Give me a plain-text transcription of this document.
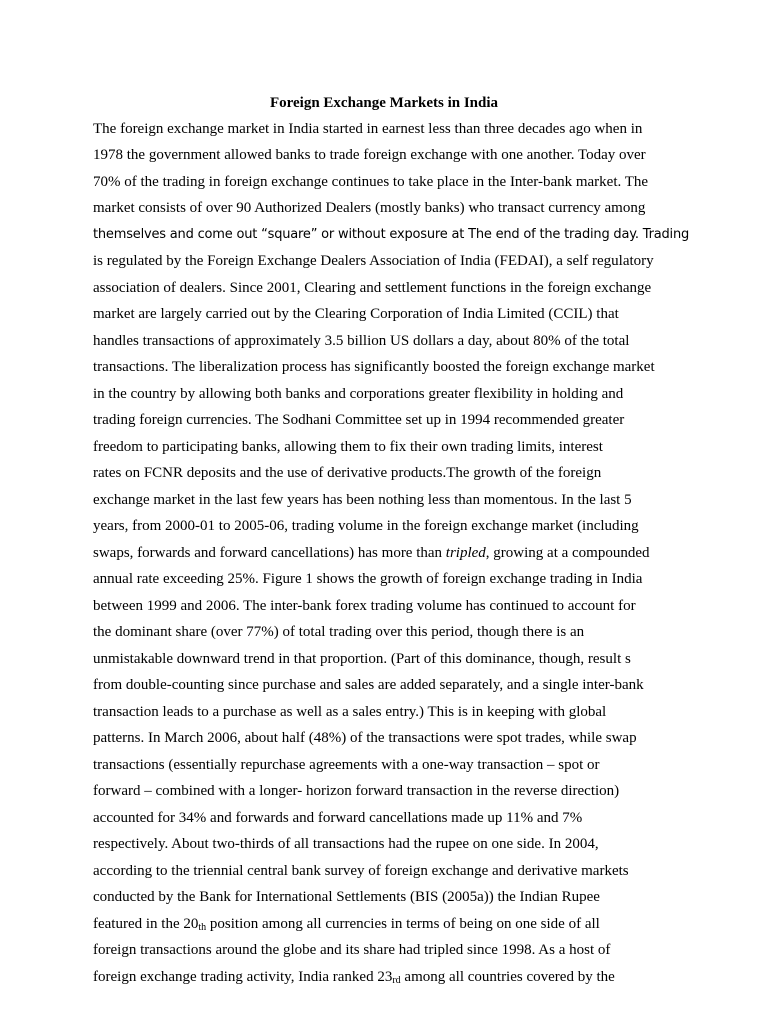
Foreign Exchange Markets in India
The foreign exchange market in India started in earnest less than three decades ago when in
1978 the government allowed banks to trade foreign exchange with one another. Today over
70% of the trading in foreign exchange continues to take place in the Inter-bank market. The
market consists of over 90 Authorized Dealers (mostly banks) who transact currency among
themselves and come out “square” or without exposure at The end of the trading day. Trading
is regulated by the Foreign Exchange Dealers Association of India (FEDAI), a self regulatory
association of dealers. Since 2001, Clearing and settlement functions in the foreign exchange
market are largely carried out by the Clearing Corporation of India Limited (CCIL) that
handles transactions of approximately 3.5 billion US dollars a day, about 80% of the total
transactions. The liberalization process has significantly boosted the foreign exchange market
in the country by allowing both banks and corporations greater flexibility in holding and
trading foreign currencies. The Sodhani Committee set up in 1994 recommended greater
freedom to participating banks, allowing them to fix their own trading limits, interest
rates on FCNR deposits and the use of derivative products.The growth of the foreign
exchange market in the last few years has been nothing less than momentous. In the last 5
years, from 2000-01 to 2005-06, trading volume in the foreign exchange market (including
swaps, forwards and forward cancellations) has more than tripled, growing at a compounded
annual rate exceeding 25%. Figure 1 shows the growth of foreign exchange trading in India
between 1999 and 2006. The inter-bank forex trading volume has continued to account for
the dominant share (over 77%) of total trading over this period, though there is an
unmistakable downward trend in that proportion. (Part of this dominance, though, result s
from double-counting since purchase and sales are added separately, and a single inter-bank
transaction leads to a purchase as well as a sales entry.) This is in keeping with global
patterns. In March 2006, about half (48%) of the transactions were spot trades, while swap
transactions (essentially repurchase agreements with a one-way transaction – spot or
forward – combined with a longer- horizon forward transaction in the reverse direction)
accounted for 34% and forwards and forward cancellations made up 11% and 7%
respectively. About two-thirds of all transactions had the rupee on one side. In 2004,
according to the triennial central bank survey of foreign exchange and derivative markets
conducted by the Bank for International Settlements (BIS (2005a)) the Indian Rupee
featured in the $20_{th}$ position among all currencies in terms of being on one side of all
foreign transactions around the globe and its share had tripled since 1998. As a host of
foreign exchange trading activity, India ranked $23_{rd}$ among all countries covered by the
